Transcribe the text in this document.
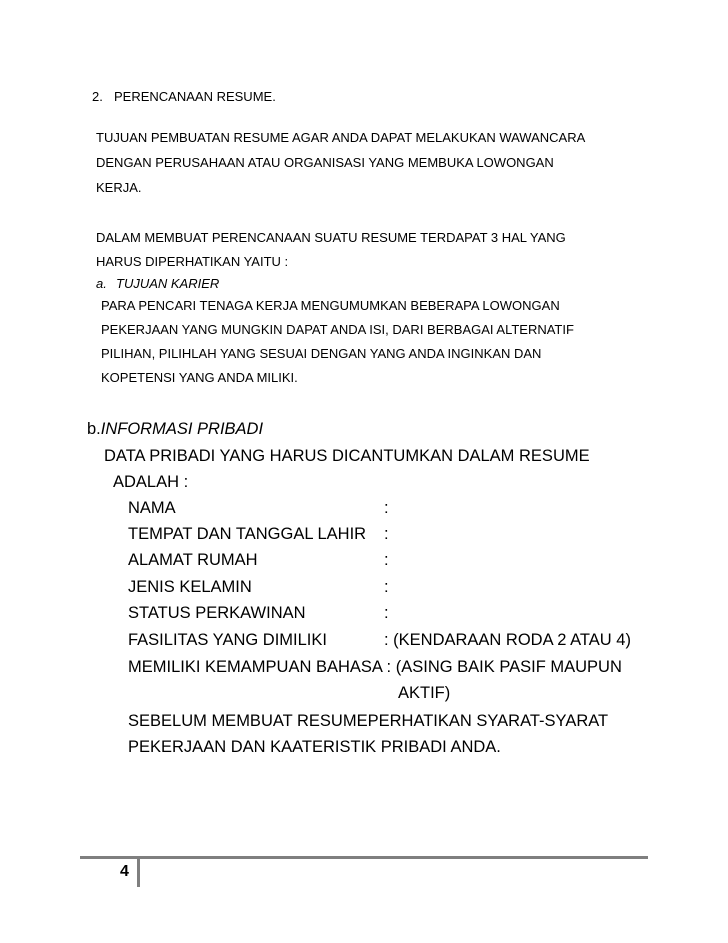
2. PERENCANAAN RESUME.
TUJUAN PEMBUATAN RESUME AGAR ANDA DAPAT MELAKUKAN WAWANCARA
DENGAN PERUSAHAAN ATAU ORGANISASI YANG MEMBUKA LOWONGAN
KERJA.
DALAM MEMBUAT PERENCANAAN SUATU RESUME TERDAPAT 3 HAL YANG
HARUS DIPERHATIKAN YAITU :
a. TUJUAN KARIER
PARA PENCARI TENAGA KERJA MENGUMUMKAN BEBERAPA LOWONGAN
PEKERJAAN YANG MUNGKIN DAPAT ANDA ISI, DARI BERBAGAI ALTERNATIF
PILIHAN, PILIHLAH YANG SESUAI DENGAN YANG ANDA INGINKAN DAN
KOPETENSI YANG ANDA MILIKI.
b.INFORMASI PRIBADI
DATA PRIBADI YANG HARUS DICANTUMKAN DALAM RESUME
ADALAH :
NAMA	:
TEMPAT DAN TANGGAL LAHIR :
ALAMAT RUMAH	:
JENIS KELAMIN	:
STATUS PERKAWINAN	:
FASILITAS YANG DIMILIKI	: (KENDARAAN RODA 2 ATAU 4)
MEMILIKI KEMAMPUAN BAHASA : (ASING BAIK PASIF MAUPUN
AKTIF)
SEBELUM MEMBUAT RESUMEPERHATIKAN SYARAT-SYARAT
PEKERJAAN DAN KAATERISTIK PRIBADI ANDA.
4
